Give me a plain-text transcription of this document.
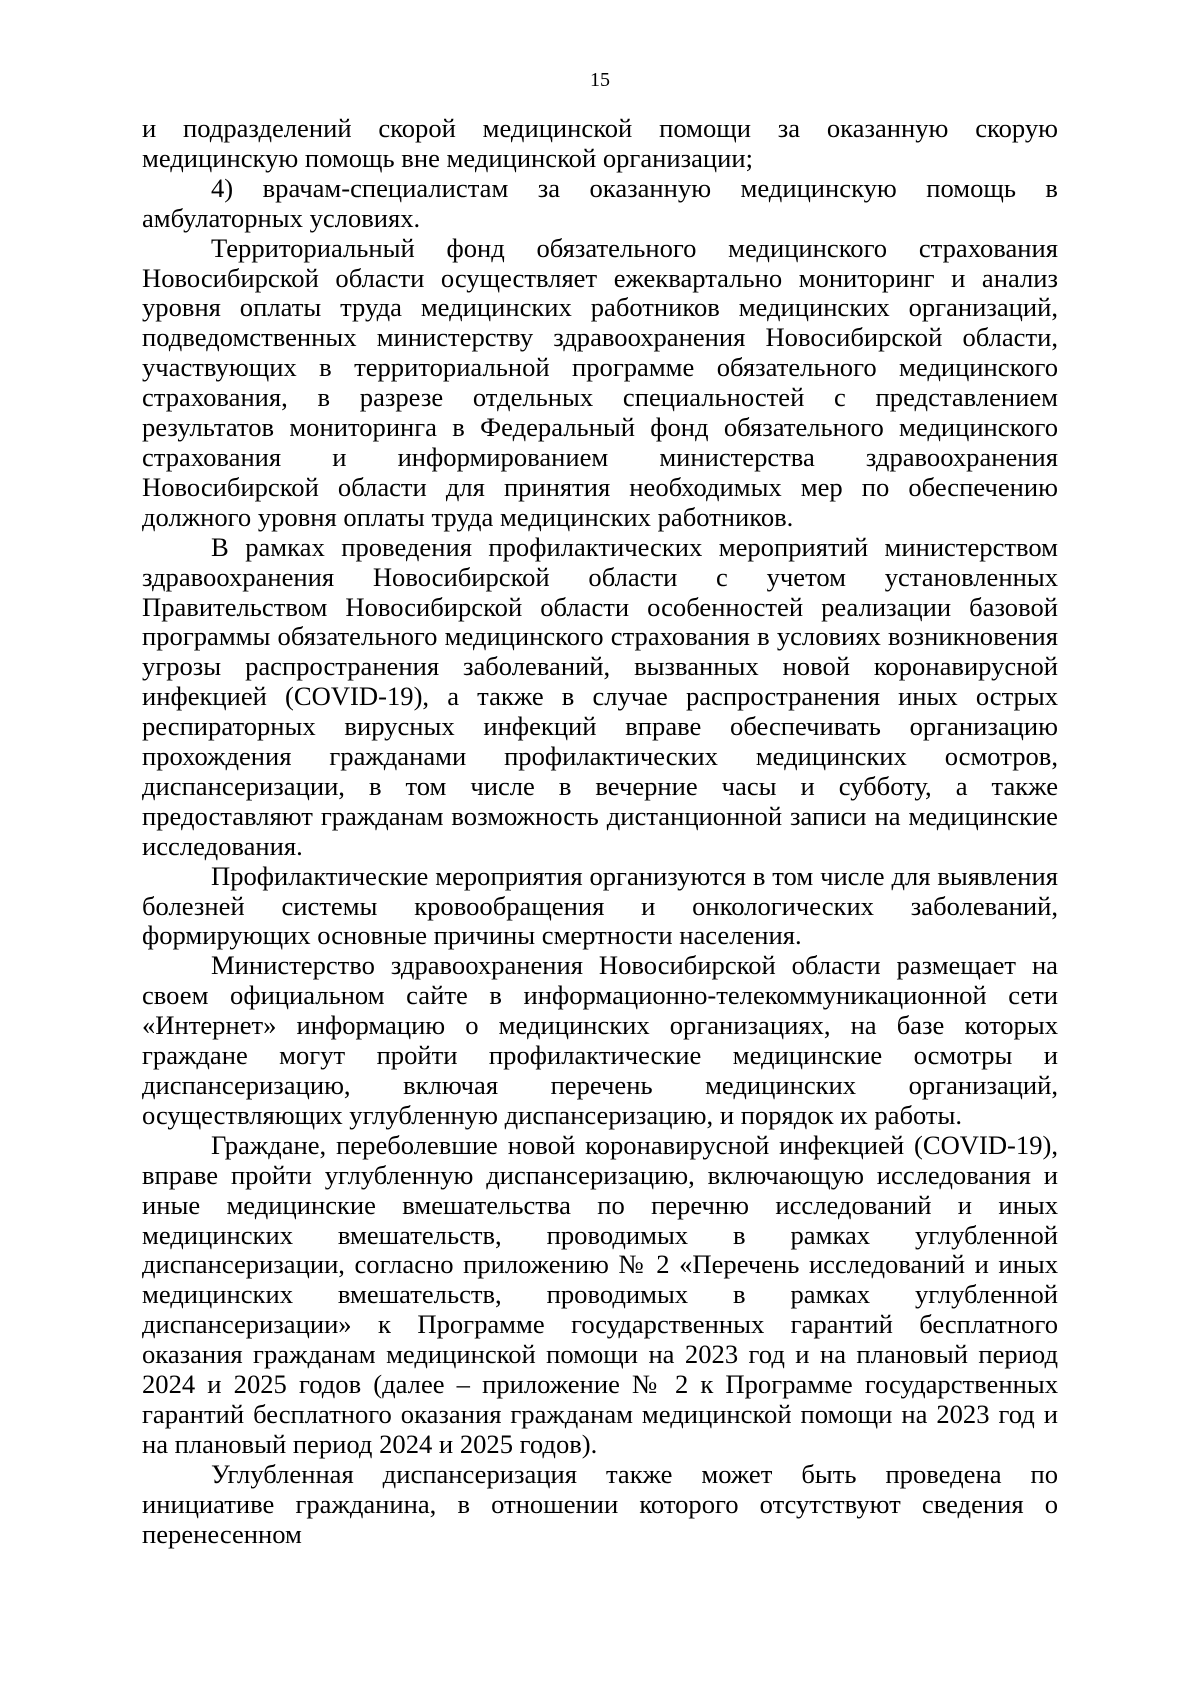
15

и подразделений скорой медицинской помощи за оказанную скорую медицинскую помощь вне медицинской организации;

4) врачам-специалистам за оказанную медицинскую помощь в амбулаторных условиях.

Территориальный фонд обязательного медицинского страхования Новосибирской области осуществляет ежеквартально мониторинг и анализ уровня оплаты труда медицинских работников медицинских организаций, подведомственных министерству здравоохранения Новосибирской области, участвующих в территориальной программе обязательного медицинского страхования, в разрезе отдельных специальностей с представлением результатов мониторинга в Федеральный фонд обязательного медицинского страхования и информированием министерства здравоохранения Новосибирской области для принятия необходимых мер по обеспечению должного уровня оплаты труда медицинских работников.

В рамках проведения профилактических мероприятий министерством здравоохранения Новосибирской области с учетом установленных Правительством Новосибирской области особенностей реализации базовой программы обязательного медицинского страхования в условиях возникновения угрозы распространения заболеваний, вызванных новой коронавирусной инфекцией (COVID-19), а также в случае распространения иных острых респираторных вирусных инфекций вправе обеспечивать организацию прохождения гражданами профилактических медицинских осмотров, диспансеризации, в том числе в вечерние часы и субботу, а также предоставляют гражданам возможность дистанционной записи на медицинские исследования.

Профилактические мероприятия организуются в том числе для выявления болезней системы кровообращения и онкологических заболеваний, формирующих основные причины смертности населения.

Министерство здравоохранения Новосибирской области размещает на своем официальном сайте в информационно-телекоммуникационной сети «Интернет» информацию о медицинских организациях, на базе которых граждане могут пройти профилактические медицинские осмотры и диспансеризацию, включая перечень медицинских организаций, осуществляющих углубленную диспансеризацию, и порядок их работы.

Граждане, переболевшие новой коронавирусной инфекцией (COVID-19), вправе пройти углубленную диспансеризацию, включающую исследования и иные медицинские вмешательства по перечню исследований и иных медицинских вмешательств, проводимых в рамках углубленной диспансеризации, согласно приложению № 2 «Перечень исследований и иных медицинских вмешательств, проводимых в рамках углубленной диспансеризации» к Программе государственных гарантий бесплатного оказания гражданам медицинской помощи на 2023 год и на плановый период 2024 и 2025 годов (далее – приложение № 2 к Программе государственных гарантий бесплатного оказания гражданам медицинской помощи на 2023 год и на плановый период 2024 и 2025 годов).

Углубленная диспансеризация также может быть проведена по инициативе гражданина, в отношении которого отсутствуют сведения о перенесенном
